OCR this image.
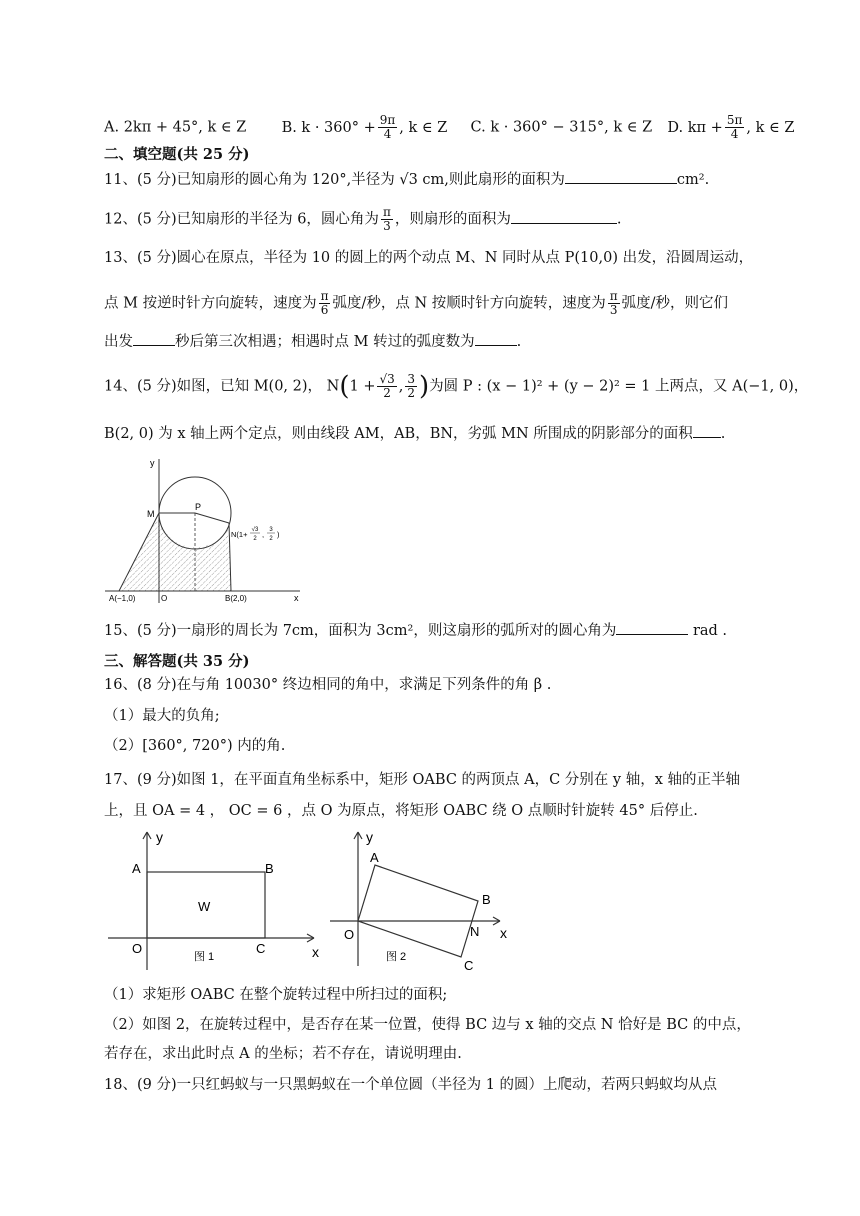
A. 2kπ + 45°, k ∈ Z B. $k \cdot 360^\circ + \frac{9\pi}{4}$ , k ∈ Z C. k · 360° − 315°, k ∈ Z D. $k\pi + \frac{5\pi}{4}$ , k ∈ Z
二、填空题(共 25 分)
11、(5 分)已知扇形的圆心角为 120°,半径为 √3 cm,则此扇形的面积为	cm².
12、(5 分)已知扇形的半径为 6，圆心角为 $\frac{\pi}{3}$ ，则扇形的面积为	.
13、(5 分)圆心在原点，半径为 10 的圆上的两个动点 M、N 同时从点 P(10,0) 出发，沿圆周运动，
点 M 按逆时针方向旋转，速度为 $\frac{\pi}{6}$ 弧度/秒，点 N 按顺时针方向旋转，速度为 $\frac{\pi}{3}$ 弧度/秒，则它们
出发	秒后第三次相遇；相遇时点 M 转过的弧度数为	.
14、(5 分)如图，已知 M(0, 2)， $N(1 + \frac{√3}{2}$ , $\frac{3}{2}$ )为圆 P : (x − 1)² + (y − 2)² = 1 上两点，又 A(−1, 0)，
B(2, 0) 为 x 轴上两个定点，则由线段 AM，AB，BN，劣弧 MN 所围成的阴影部分的面积 .
y
x
M
P
N(1+ √3
2 , 3
2 )
A(−1,0)	O	B(2,0)
15、(5 分)一扇形的周长为 7cm，面积为 3cm²，则这扇形的弧所对的圆心角为	rad .
三、解答题(共 35 分)
16、(8 分)在与角 10030° 终边相同的角中，求满足下列条件的角 β .
（1）最大的负角;
（2）[360°, 720°) 内的角.
17、(9 分)如图 1，在平面直角坐标系中，矩形 OABC 的两顶点 A，C 分别在 y 轴，x 轴的正半轴
上，且 OA = 4 ， OC = 6 ，点 O 为原点，将矩形 OABC 绕 O 点顺时针旋转 45° 后停止.
y
x
A	B
O	C
W
图 1
y
x
A
B
O	N
C
图 2
（1）求矩形 OABC 在整个旋转过程中所扫过的面积;
（2）如图 2，在旋转过程中，是否存在某一位置，使得 BC 边与 x 轴的交点 N 恰好是 BC 的中点，
若存在，求出此时点 A 的坐标；若不存在，请说明理由.
18、(9 分)一只红蚂蚁与一只黑蚂蚁在一个单位圆（半径为 1 的圆）上爬动，若两只蚂蚁均从点
